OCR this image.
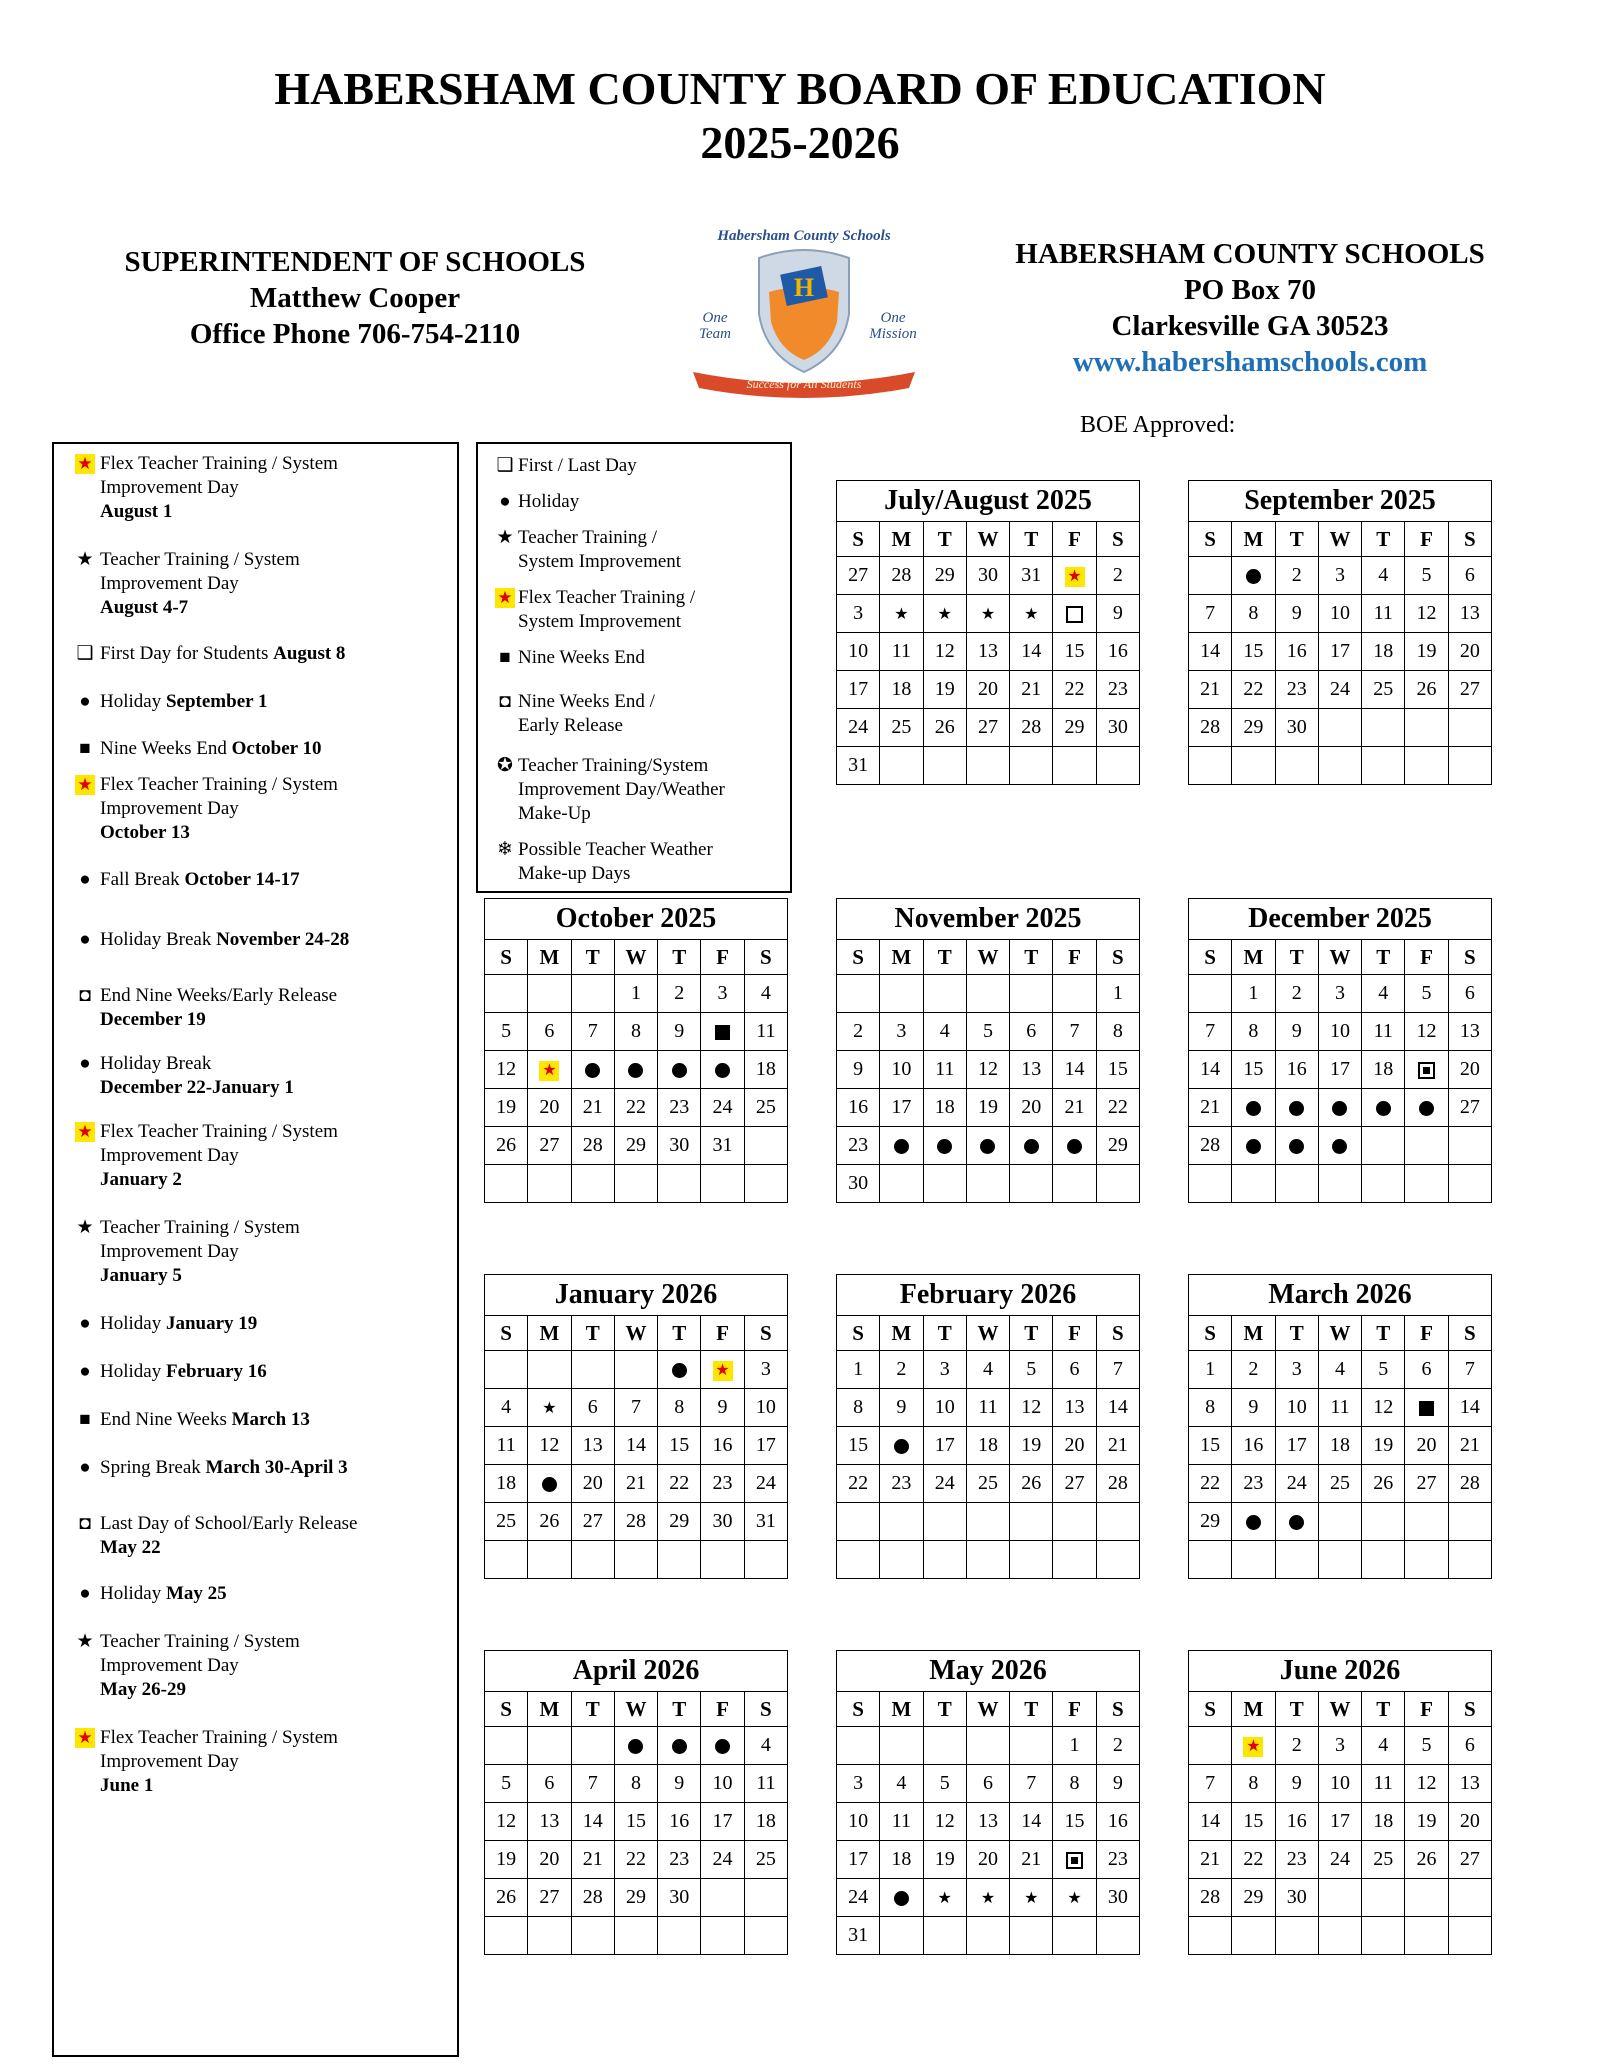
HABERSHAM COUNTY BOARD OF EDUCATION
2025-2026
SUPERINTENDENT OF SCHOOLS
Matthew Cooper
Office Phone 706-754-2110
Habersham County Schools
H
One
Team
One
Mission
Success for All Students
HABERSHAM COUNTY SCHOOLS
PO Box 70
Clarkesville GA 30523
www.habershamschools.com
BOE Approved:
★ Flex Teacher Training / System
Improvement Day
August 1
★ Teacher Training / System
Improvement Day
August 4-7
❑ First Day for Students August 8
● Holiday September 1
■ Nine Weeks End October 10
★ Flex Teacher Training / System
Improvement Day
October 13
● Fall Break October 14-17
● Holiday Break November 24-28
◘ End Nine Weeks/Early Release
December 19
● Holiday Break
December 22-January 1
★ Flex Teacher Training / System
Improvement Day
January 2
★ Teacher Training / System
Improvement Day
January 5
● Holiday January 19
● Holiday February 16
■ End Nine Weeks March 13
● Spring Break March 30-April 3
◘ Last Day of School/Early Release
May 22
● Holiday May 25
★ Teacher Training / System
Improvement Day
May 26-29
★ Flex Teacher Training / System
Improvement Day
June 1
❑ First / Last Day
● Holiday
★ Teacher Training /
System Improvement
★ Flex Teacher Training /
System Improvement
■ Nine Weeks End
◘ Nine Weeks End /
Early Release
✪ Teacher Training/System
Improvement Day/Weather
Make-Up
❄ Possible Teacher Weather
Make-up Days
July/August 2025						
S	M	T	W	T	F	S
27	28	29	30	31	★	2
3	★	★	★	★		9
10	11	12	13	14	15	16
17	18	19	20	21	22	23
24	25	26	27	28	29	30
31						
September 2025						
S	M	T	W	T	F	S
		2	3	4	5	6
7	8	9	10	11	12	13
14	15	16	17	18	19	20
21	22	23	24	25	26	27
28	29	30				

October 2025						
S	M	T	W	T	F	S
			1	2	3	4
5	6	7	8	9		11
12	★					18
19	20	21	22	23	24	25
26	27	28	29	30	31	

November 2025						
S	M	T	W	T	F	S
						1
2	3	4	5	6	7	8
9	10	11	12	13	14	15
16	17	18	19	20	21	22
23						29
30						
December 2025						
S	M	T	W	T	F	S
	1	2	3	4	5	6
7	8	9	10	11	12	13
14	15	16	17	18		20
21						27
28						

January 2026						
S	M	T	W	T	F	S
					★	3
4	★	6	7	8	9	10
11	12	13	14	15	16	17
18		20	21	22	23	24
25	26	27	28	29	30	31

February 2026						
S	M	T	W	T	F	S
1	2	3	4	5	6	7
8	9	10	11	12	13	14
15		17	18	19	20	21
22	23	24	25	26	27	28

March 2026						
S	M	T	W	T	F	S
1	2	3	4	5	6	7
8	9	10	11	12		14
15	16	17	18	19	20	21
22	23	24	25	26	27	28
29						

April 2026						
S	M	T	W	T	F	S
						4
5	6	7	8	9	10	11
12	13	14	15	16	17	18
19	20	21	22	23	24	25
26	27	28	29	30		

May 2026						
S	M	T	W	T	F	S
					1	2
3	4	5	6	7	8	9
10	11	12	13	14	15	16
17	18	19	20	21		23
24		★	★	★	★	30
31						
June 2026						
S	M	T	W	T	F	S
	★	2	3	4	5	6
7	8	9	10	11	12	13
14	15	16	17	18	19	20
21	22	23	24	25	26	27
28	29	30				
